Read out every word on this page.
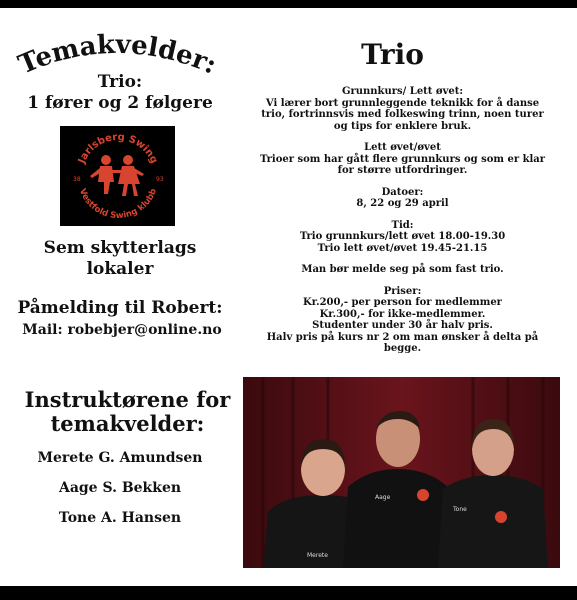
Temakvelder:
Trio:
1 fører og 2 følgere
Jarlsberg Swing
Vestfold Swing klubb
38	93
Sem skytterlags
lokaler
Påmelding til Robert:
Mail: robebjer@online.no
Trio

Grunnkurs/ Lett øvet:
Vi lærer bort grunnleggende teknikk for å danse trio, fortrinnsvis med folkeswing trinn, noen turer og tips for enklere bruk.

Lett øvet/øvet
Trioer som har gått flere grunnkurs og som er klar for større utfordringer.

Datoer:
8, 22 og 29 april

Tid:
Trio grunnkurs/lett øvet 18.00-19.30
Trio lett øvet/øvet 19.45-21.15

Man bør melde seg på som fast trio.

Priser:
Kr.200,- per person for medlemmer
Kr.300,- for ikke-medlemmer.
Studenter under 30 år halv pris.
Halv pris på kurs nr 2 om man ønsker å delta på begge.

Instruktørene for
temakvelder:
Merete G. Amundsen
Aage S. Bekken
Tone A. Hansen
Merete
Aage
Tone
